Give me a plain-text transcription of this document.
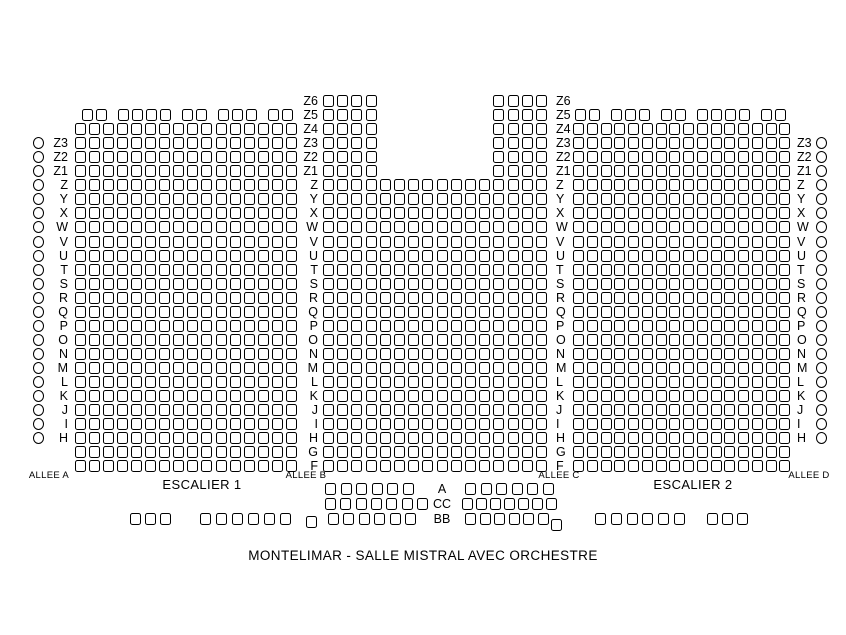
Z6	Z6
Z5	Z5
Z4	Z4
Z3	Z3
Z3	Z3
Z2	Z2
Z2	Z2
Z1	Z1
Z1	Z1
Z	Z
Z	Z
Y	Y
Y	Y
X	X
X	X
W	W
W	W
V	V
V	V
U	U
U	U
T	T
T	T
S	S
S	S
R	R
R	R
Q	Q
Q	Q
P	P
P	P
O	O
O	O
N	N
N	N
M	M
M	M
L	L
L	L
K	K
K	K
J	J
J	J
I	I
I	I
H	H
H	H
G	G
F	F
ALLEE A	ALLEE B	ALLEE C	ALLEE D
ESCALIER 1	ESCALIER 2
A
CC
BB
MONTELIMAR - SALLE MISTRAL AVEC ORCHESTRE
